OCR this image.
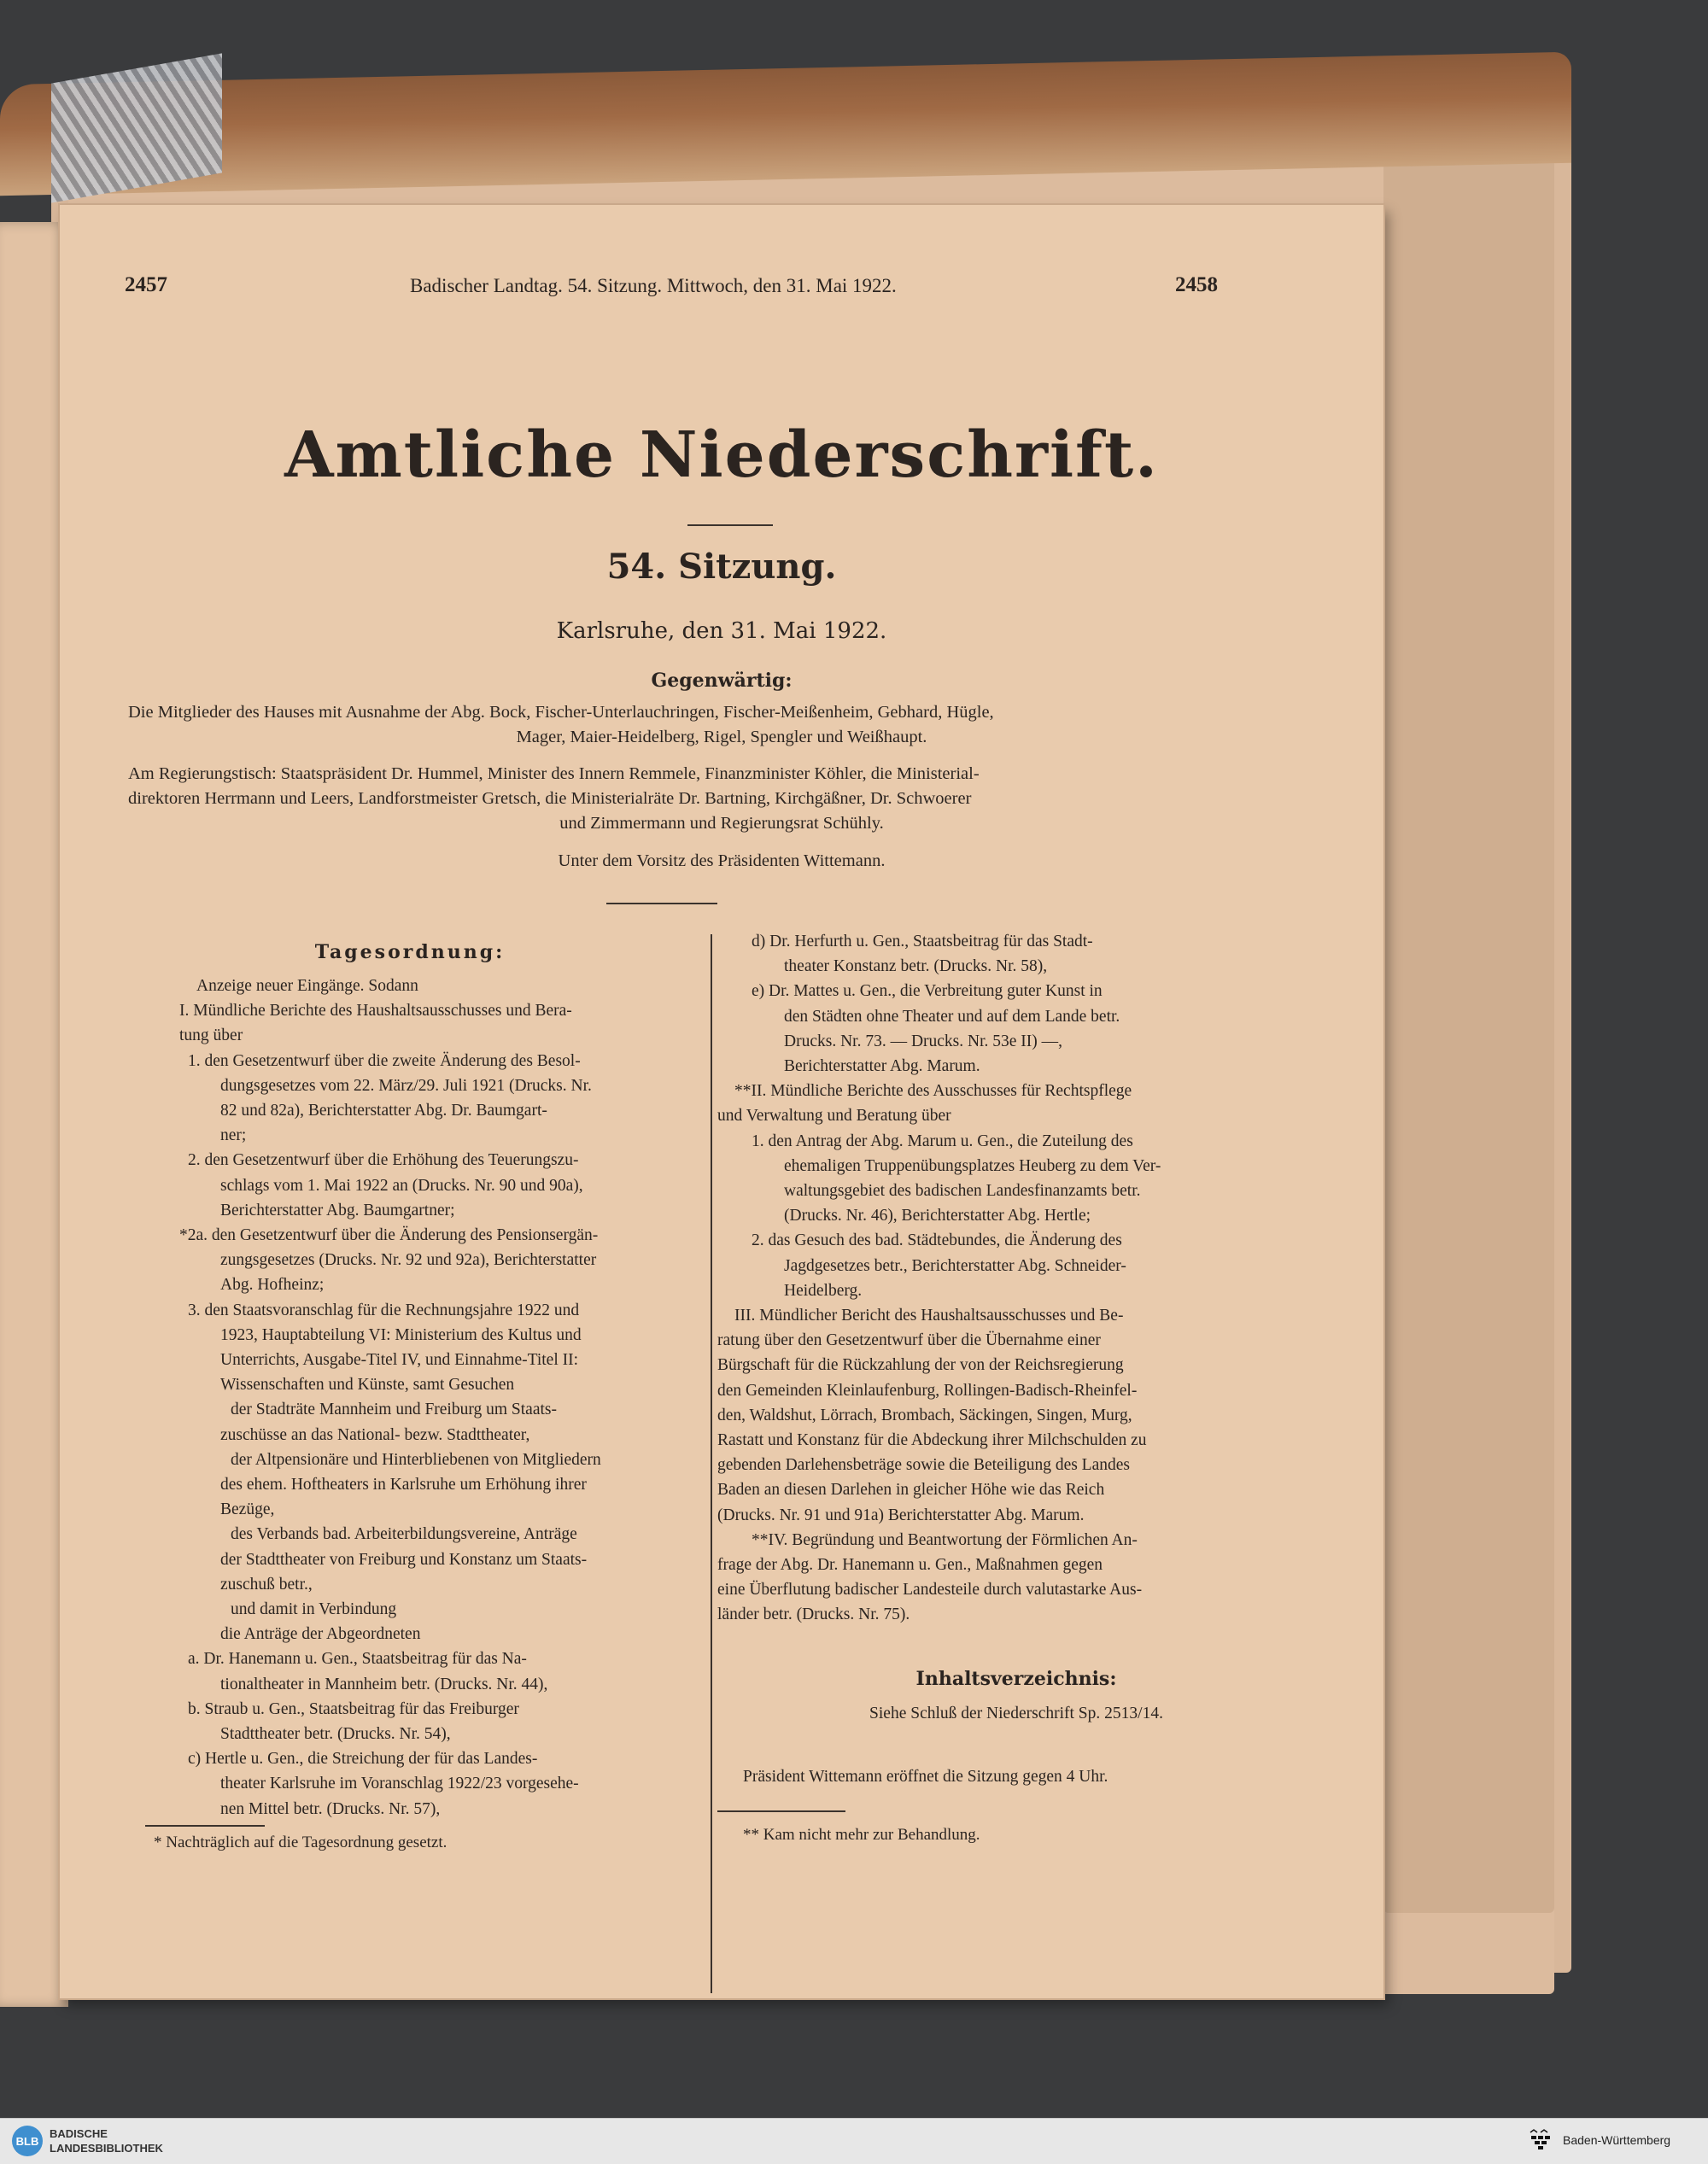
2457	Badischer Landtag. 54. Sitzung. Mittwoch, den 31. Mai 1922.	2458
Amtliche Niederschrift.
54. Sitzung.
Karlsruhe, den 31. Mai 1922.
Gegenwärtig:
Die Mitglieder des Hauses mit Ausnahme der Abg. Bock, Fischer-Unterlauchringen, Fischer-Meißenheim, Gebhard, Hügle,
Mager, Maier-Heidelberg, Rigel, Spengler und Weißhaupt.
Am Regierungstisch: Staatspräsident Dr. Hummel, Minister des Innern Remmele, Finanzminister Köhler, die Ministerial-
direktoren Herrmann und Leers, Landforstmeister Gretsch, die Ministerialräte Dr. Bartning, Kirchgäßner, Dr. Schwoerer
und Zimmermann und Regierungsrat Schühly.
Unter dem Vorsitz des Präsidenten Wittemann.
Tagesordnung:
Anzeige neuer Eingänge. Sodann
I. Mündliche Berichte des Haushaltsausschusses und Bera-
tung über
1. den Gesetzentwurf über die zweite Änderung des Besol-
dungsgesetzes vom 22. März/29. Juli 1921 (Drucks. Nr.
82 und 82a), Berichterstatter Abg. Dr. Baumgart-
ner;
2. den Gesetzentwurf über die Erhöhung des Teuerungszu-
schlags vom 1. Mai 1922 an (Drucks. Nr. 90 und 90a),
Berichterstatter Abg. Baumgartner;
*2a. den Gesetzentwurf über die Änderung des Pensionsergän-
zungsgesetzes (Drucks. Nr. 92 und 92a), Berichterstatter
Abg. Hofheinz;
3. den Staatsvoranschlag für die Rechnungsjahre 1922 und
1923, Hauptabteilung VI: Ministerium des Kultus und
Unterrichts, Ausgabe-Titel IV, und Einnahme-Titel II:
Wissenschaften und Künste, samt Gesuchen
der Stadträte Mannheim und Freiburg um Staats-
zuschüsse an das National- bezw. Stadttheater,
der Altpensionäre und Hinterbliebenen von Mitgliedern
des ehem. Hoftheaters in Karlsruhe um Erhöhung ihrer
Bezüge,
des Verbands bad. Arbeiterbildungsvereine, Anträge
der Stadttheater von Freiburg und Konstanz um Staats-
zuschuß betr.,
und damit in Verbindung
die Anträge der Abgeordneten
a. Dr. Hanemann u. Gen., Staatsbeitrag für das Na-
tionaltheater in Mannheim betr. (Drucks. Nr. 44),
b. Straub u. Gen., Staatsbeitrag für das Freiburger
Stadttheater betr. (Drucks. Nr. 54),
c) Hertle u. Gen., die Streichung der für das Landes-
theater Karlsruhe im Voranschlag 1922/23 vorgesehe-
nen Mittel betr. (Drucks. Nr. 57),
d) Dr. Herfurth u. Gen., Staatsbeitrag für das Stadt-
theater Konstanz betr. (Drucks. Nr. 58),
e) Dr. Mattes u. Gen., die Verbreitung guter Kunst in
den Städten ohne Theater und auf dem Lande betr.
Drucks. Nr. 73. — Drucks. Nr. 53e II) —,
Berichterstatter Abg. Marum.
**II. Mündliche Berichte des Ausschusses für Rechtspflege
und Verwaltung und Beratung über
1. den Antrag der Abg. Marum u. Gen., die Zuteilung des
ehemaligen Truppenübungsplatzes Heuberg zu dem Ver-
waltungsgebiet des badischen Landesfinanzamts betr.
(Drucks. Nr. 46), Berichterstatter Abg. Hertle;
2. das Gesuch des bad. Städtebundes, die Änderung des
Jagdgesetzes betr., Berichterstatter Abg. Schneider-
Heidelberg.
III. Mündlicher Bericht des Haushaltsausschusses und Be-
ratung über den Gesetzentwurf über die Übernahme einer
Bürgschaft für die Rückzahlung der von der Reichsregierung
den Gemeinden Kleinlaufenburg, Rollingen-Badisch-Rheinfel-
den, Waldshut, Lörrach, Brombach, Säckingen, Singen, Murg,
Rastatt und Konstanz für die Abdeckung ihrer Milchschulden zu
gebenden Darlehensbeträge sowie die Beteiligung des Landes
Baden an diesen Darlehen in gleicher Höhe wie das Reich
(Drucks. Nr. 91 und 91a) Berichterstatter Abg. Marum.
**IV. Begründung und Beantwortung der Förmlichen An-
frage der Abg. Dr. Hanemann u. Gen., Maßnahmen gegen
eine Überflutung badischer Landesteile durch valutastarke Aus-
länder betr. (Drucks. Nr. 75).
Inhaltsverzeichnis:
Siehe Schluß der Niederschrift Sp. 2513/14.
Präsident Wittemann eröffnet die Sitzung gegen 4 Uhr.
* Nachträglich auf die Tagesordnung gesetzt.	** Kam nicht mehr zur Behandlung.
BLB
BADISCHE
LANDESBIBLIOTHEK
Baden-Württemberg
